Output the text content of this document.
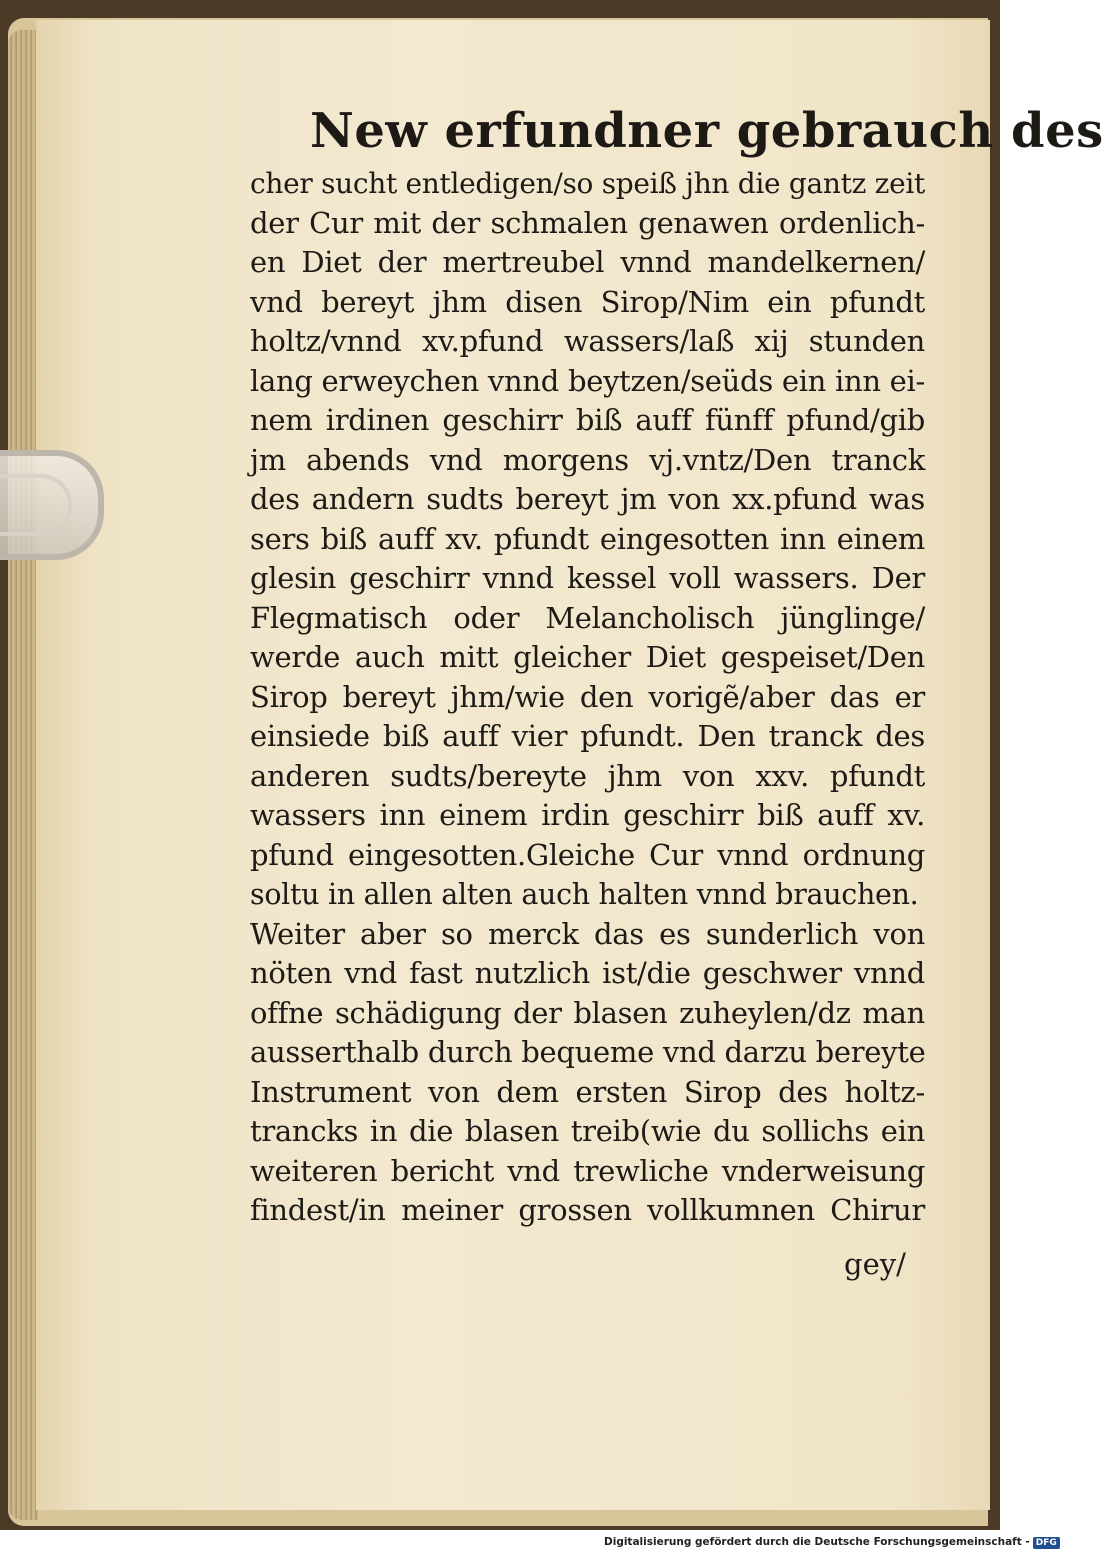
New erfundner gebrauch des
cher sucht entledigen/so speiß jhn die gantz zeit
der Cur mit der schmalen genawen ordenlich-
en Diet der mertreubel vnnd mandelkernen/
vnd bereyt jhm disen Sirop/Nim ein pfundt
holtz/vnnd xv.pfund wassers/laß xij stunden
lang erweychen vnnd beytzen/seüds ein inn ei-
nem irdinen geschirr biß auff fünff pfund/gib
jm abends vnd morgens vj.vntz/Den tranck
des andern sudts bereyt jm von xx.pfund was
sers biß auff xv. pfundt eingesotten inn einem
glesin geschirr vnnd kessel voll wassers. Der
Flegmatisch oder Melancholisch jünglinge/
werde auch mitt gleicher Diet gespeiset/Den
Sirop bereyt jhm/wie den vorigẽ/aber das er
einsiede biß auff vier pfundt. Den tranck des
anderen sudts/bereyte jhm von xxv. pfundt
wassers inn einem irdin geschirr biß auff xv.
pfund eingesotten.Gleiche Cur vnnd ordnung
soltu in allen alten auch halten vnnd brauchen.
Weiter aber so merck das es sunderlich von
nöten vnd fast nutzlich ist/die geschwer vnnd
offne schädigung der blasen zuheylen/dz man
ausserthalb durch bequeme vnd darzu bereyte
Instrument von dem ersten Sirop des holtz-
trancks in die blasen treib(wie du sollichs ein
weiteren bericht vnd trewliche vnderweisung
findest/in meiner grossen vollkumnen Chirur
gey/
Digitalisierung gefördert durch die Deutsche Forschungsgemeinschaft - DFG
